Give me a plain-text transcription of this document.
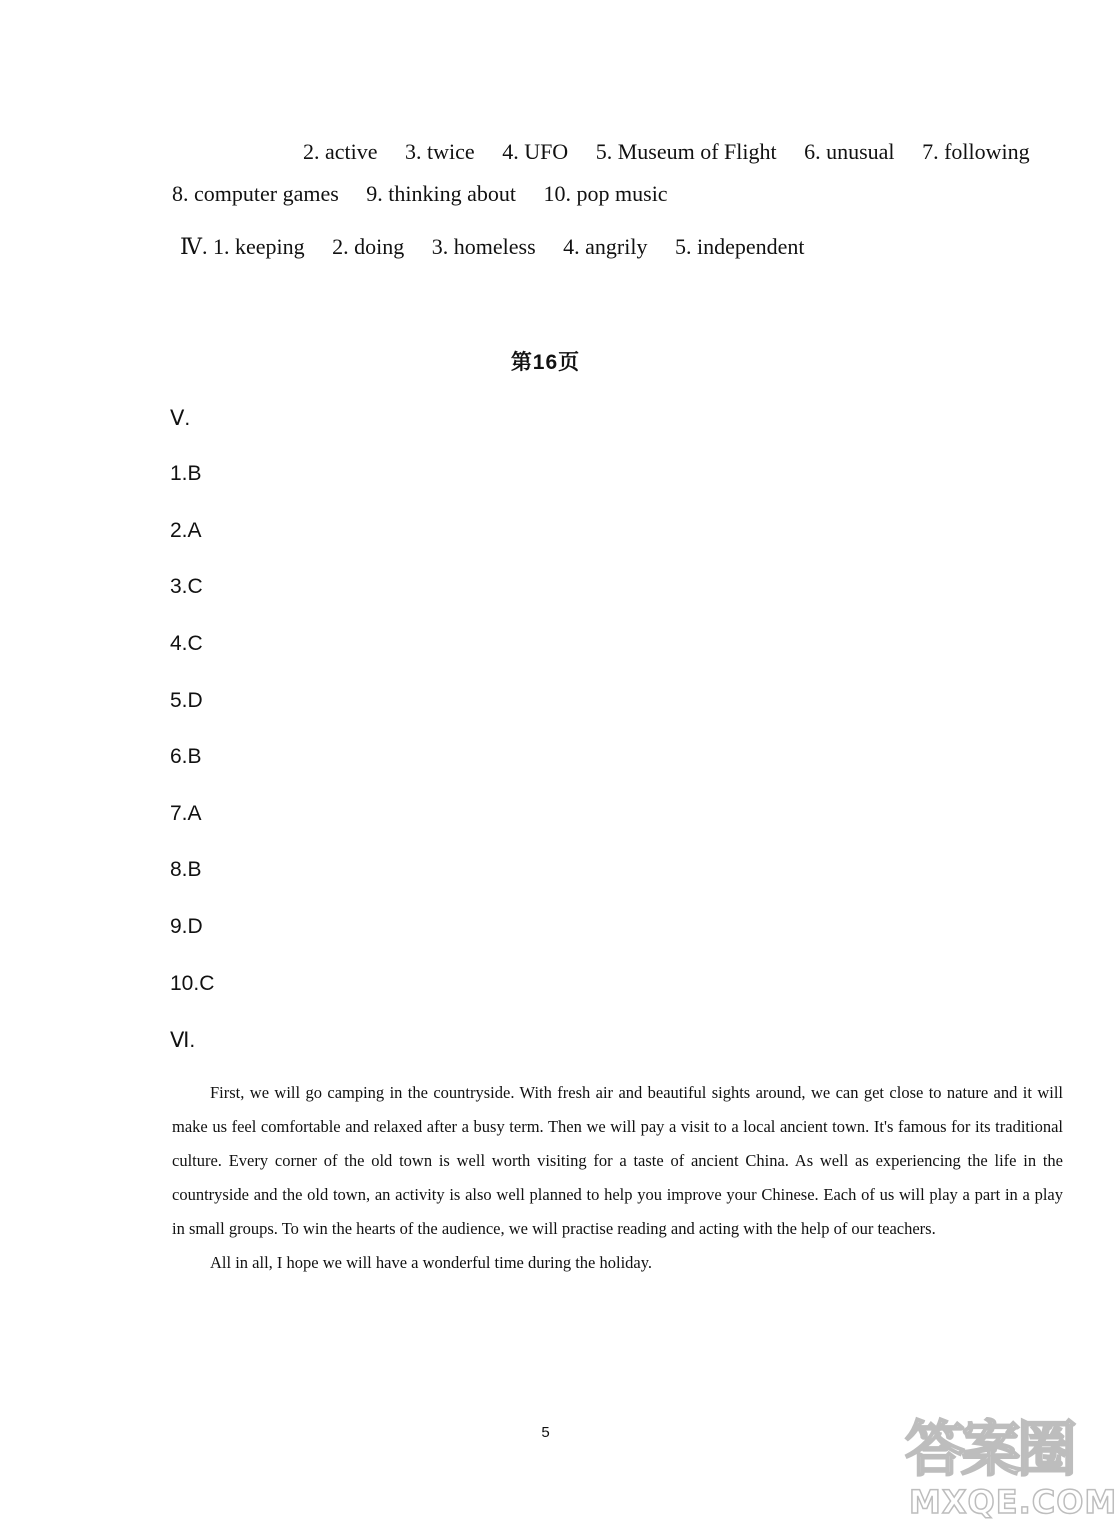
2. active 3. twice 4. UFO 5. Museum of Flight 6. unusual 7. following
8. computer games 9. thinking about 10. pop music
Ⅳ. 1. keeping 2. doing 3. homeless 4. angrily 5. independent
第16页
Ⅴ.
1.B
2.A
3.C
4.C
5.D
6.B
7.A
8.B
9.D
10.C
Ⅵ.

First, we will go camping in the countryside. With fresh air and beautiful sights around, we can get close to nature and it will make us feel comfortable and relaxed after a busy term. Then we will pay a visit to a local ancient town. It's famous for its traditional culture. Every corner of the old town is well worth visiting for a taste of ancient China. As well as experiencing the life in the countryside and the old town, an activity is also well planned to help you improve your Chinese. Each of us will play a part in a play in small groups. To win the hearts of the audience, we will practise reading and acting with the help of our teachers.

All in all, I hope we will have a wonderful time during the holiday.

5	答案圈
MXQE.COM
